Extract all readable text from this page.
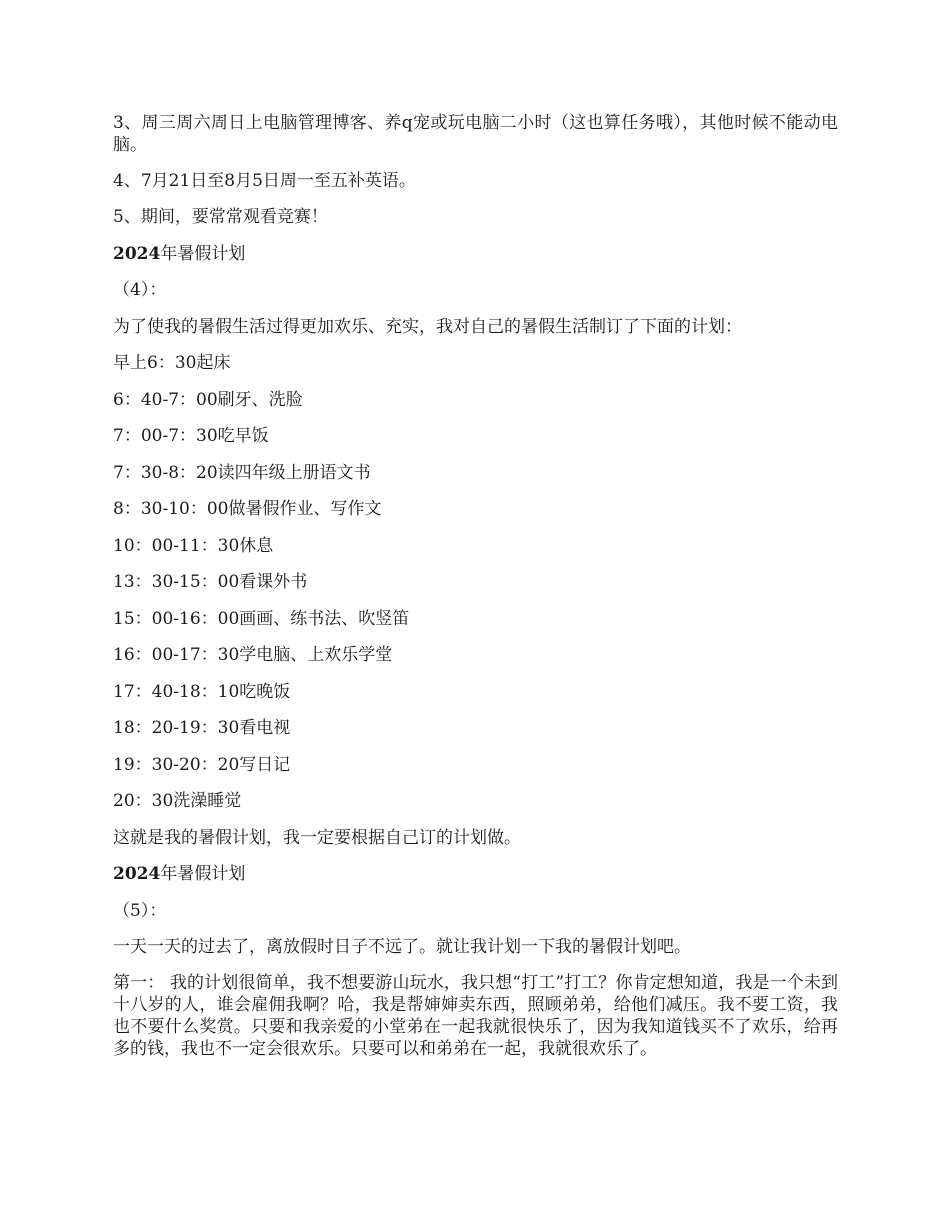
3、周三周六周日上电脑管理博客、养q宠或玩电脑二小时（这也算任务哦），其他时候不能动电脑。

4、7月21日至8月5日周一至五补英语。

5、期间，要常常观看竞赛！

2024年暑假计划

（4）：

为了使我的暑假生活过得更加欢乐、充实，我对自己的暑假生活制订了下面的计划：

早上6：30起床

6：40-7：00刷牙、洗脸

7：00-7：30吃早饭

7：30-8：20读四年级上册语文书

8：30-10：00做暑假作业、写作文

10：00-11：30休息

13：30-15：00看课外书

15：00-16：00画画、练书法、吹竖笛

16：00-17：30学电脑、上欢乐学堂

17：40-18：10吃晚饭

18：20-19：30看电视

19：30-20：20写日记

20：30洗澡睡觉

这就是我的暑假计划，我一定要根据自己订的计划做。

2024年暑假计划

（5）：

一天一天的过去了，离放假时日子不远了。就让我计划一下我的暑假计划吧。

第一： 我的计划很简单，我不想要游山玩水，我只想“打工”打工？你肯定想知道，我是一个未到十八岁的人，谁会雇佣我啊？哈，我是帮婶婶卖东西，照顾弟弟，给他们减压。我不要工资，我也不要什么奖赏。只要和我亲爱的小堂弟在一起我就很快乐了，因为我知道钱买不了欢乐，给再多的钱，我也不一定会很欢乐。只要可以和弟弟在一起，我就很欢乐了。
